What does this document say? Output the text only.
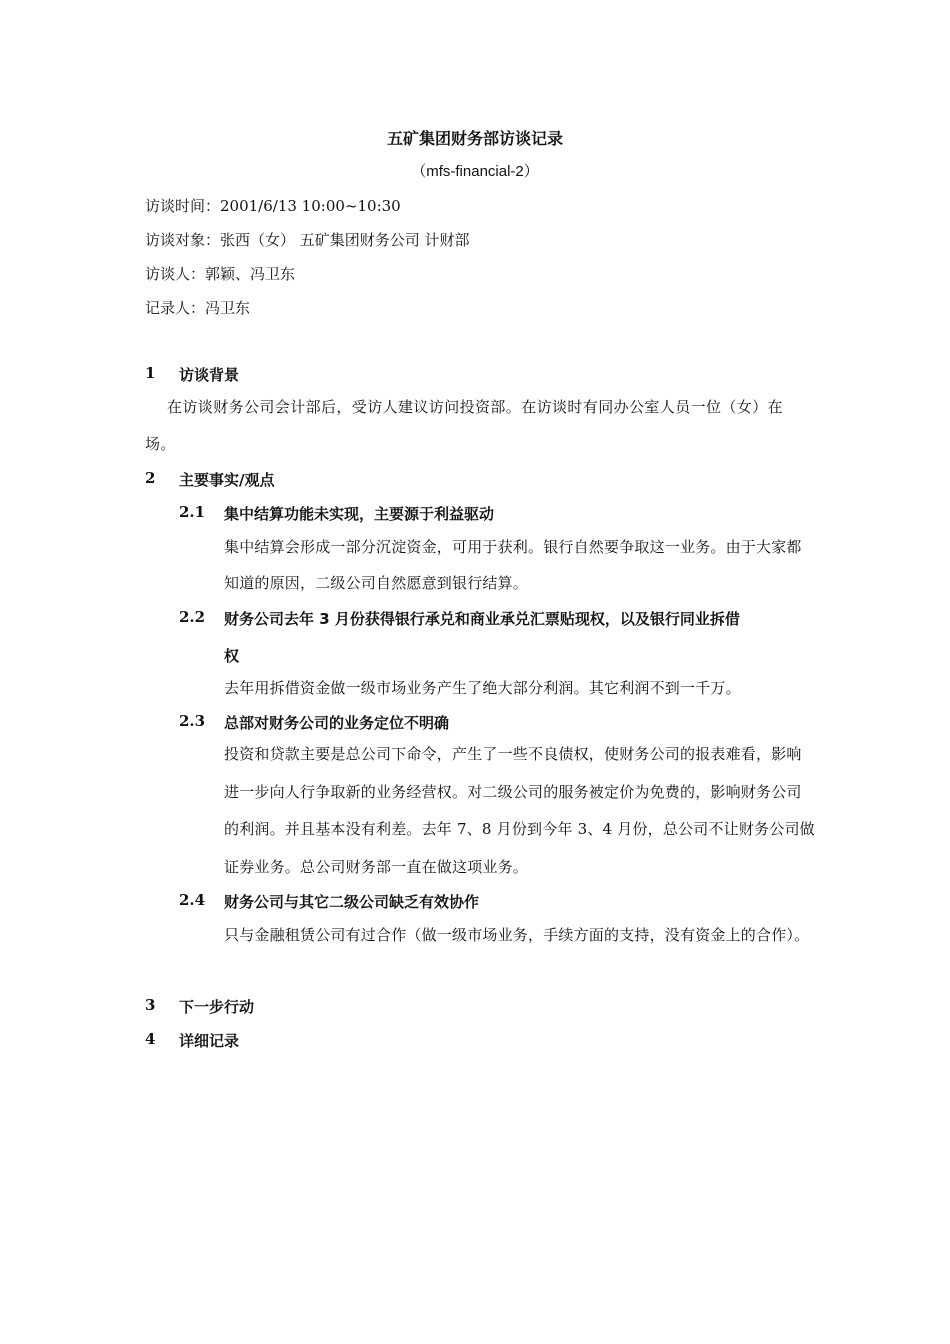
五矿集团财务部访谈记录
（mfs-financial-2）
访谈时间：2001/6/13 10:00~10:30
访谈对象：张西（女） 五矿集团财务公司 计财部
访谈人：郭颖、冯卫东
记录人：冯卫东
1 访谈背景
在访谈财务公司会计部后，受访人建议访问投资部。在访谈时有同办公室人员一位（女）在场。
2 主要事实/观点
2.1 集中结算功能未实现，主要源于利益驱动
集中结算会形成一部分沉淀资金，可用于获利。银行自然要争取这一业务。由于大家都知道的原因，二级公司自然愿意到银行结算。
2.2 财务公司去年 3 月份获得银行承兑和商业承兑汇票贴现权，以及银行同业拆借
权
去年用拆借资金做一级市场业务产生了绝大部分利润。其它利润不到一千万。
2.3 总部对财务公司的业务定位不明确
投资和贷款主要是总公司下命令，产生了一些不良债权，使财务公司的报表难看，影响进一步向人行争取新的业务经营权。对二级公司的服务被定价为免费的，影响财务公司的利润。并且基本没有利差。去年 7、8 月份到今年 3、4 月份，总公司不让财务公司做证券业务。总公司财务部一直在做这项业务。
2.4 财务公司与其它二级公司缺乏有效协作
只与金融租赁公司有过合作（做一级市场业务，手续方面的支持，没有资金上的合作）。
3 下一步行动
4 详细记录
